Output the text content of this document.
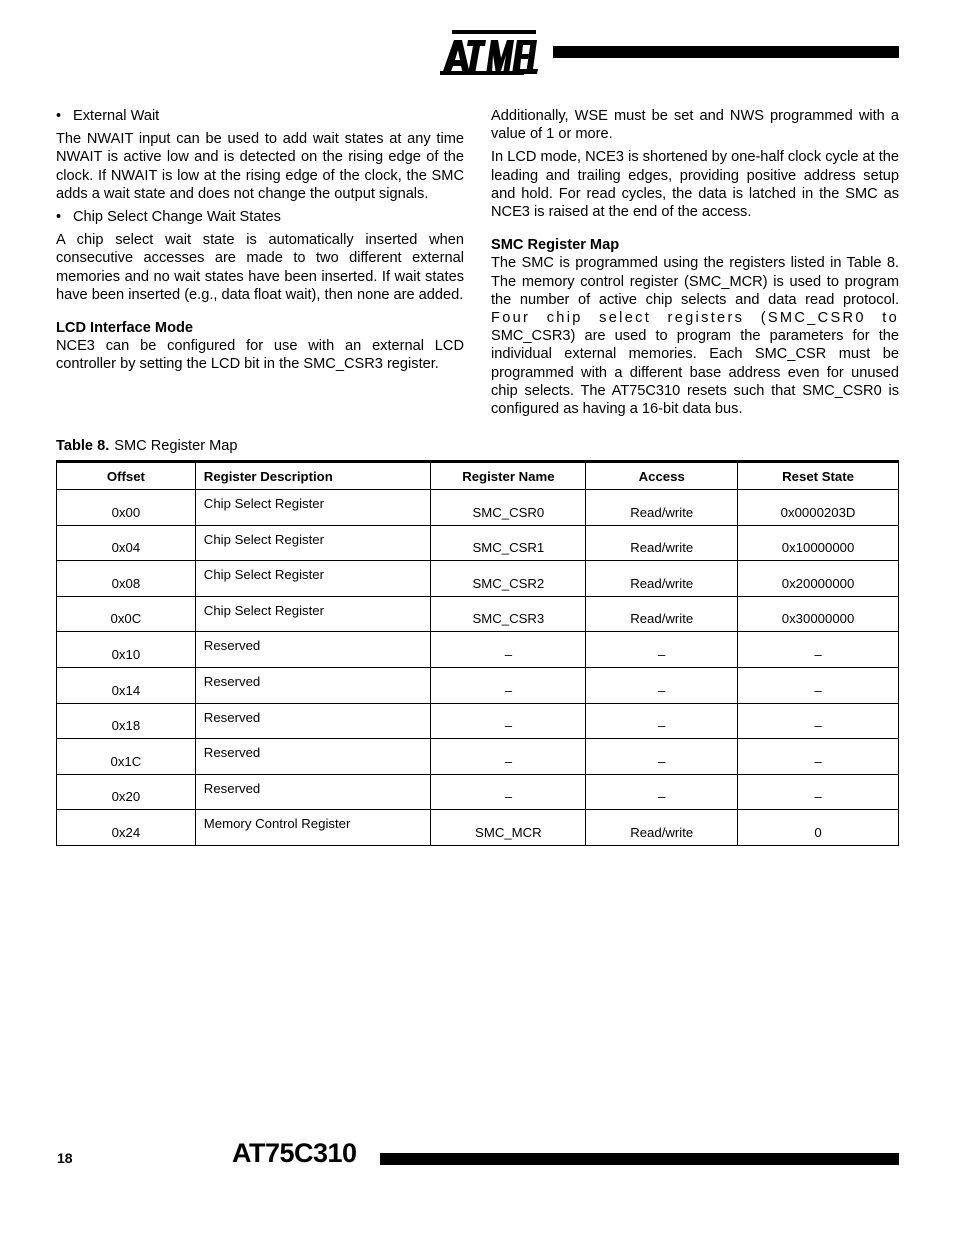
• External Wait

The NWAIT input can be used to add wait states at any time NWAIT is active low and is detected on the rising edge of the clock. If NWAIT is low at the rising edge of the clock, the SMC adds a wait state and does not change the output signals.

• Chip Select Change Wait States

A chip select wait state is automatically inserted when consecutive accesses are made to two different external memories and no wait states have been inserted. If wait states have been inserted (e.g., data float wait), then none are added.

LCD Interface Mode

NCE3 can be configured for use with an external LCD controller by setting the LCD bit in the SMC_CSR3 register.

Additionally, WSE must be set and NWS programmed with a value of 1 or more.

In LCD mode, NCE3 is shortened by one-half clock cycle at the leading and trailing edges, providing positive address setup and hold. For read cycles, the data is latched in the SMC as NCE3 is raised at the end of the access.

SMC Register Map

The SMC is programmed using the registers listed in Table 8. The memory control register (SMC_MCR) is used to program the number of active chip selects and data read protocol. Four chip select registers (SMC_CSR0 to SMC_CSR3) are used to program the parameters for the individual external memories. Each SMC_CSR must be programmed with a different base address even for unused chip selects. The AT75C310 resets such that SMC_CSR0 is configured as having a 16-bit data bus.

Table 8. SMC Register Map
Offset	Register Description	Register Name	Access	Reset State
0x00	Chip Select Register	SMC_CSR0	Read/write	0x0000203D
0x04	Chip Select Register	SMC_CSR1	Read/write	0x10000000
0x08	Chip Select Register	SMC_CSR2	Read/write	0x20000000
0x0C	Chip Select Register	SMC_CSR3	Read/write	0x30000000
0x10	Reserved	–	–	–
0x14	Reserved	–	–	–
0x18	Reserved	–	–	–
0x1C	Reserved	–	–	–
0x20	Reserved	–	–	–
0x24	Memory Control Register	SMC_MCR	Read/write	0
18	AT75C310
